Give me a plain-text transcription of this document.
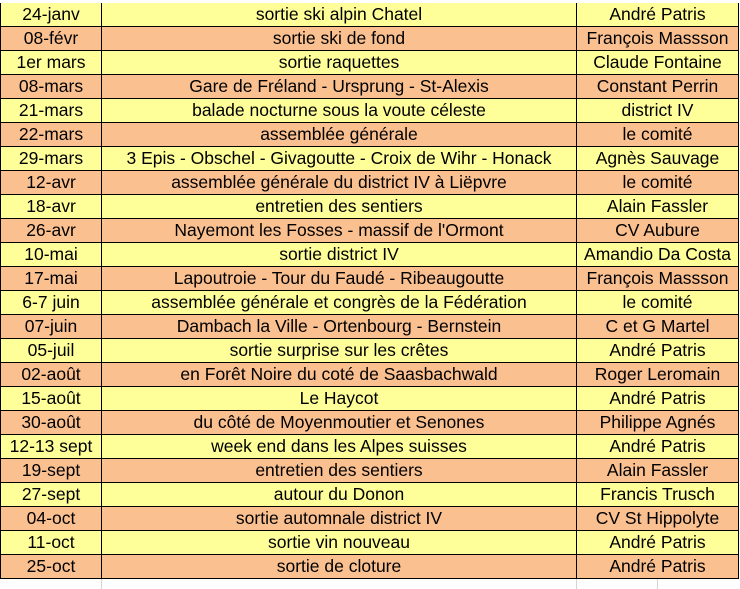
24-janv	sortie ski alpin Chatel	André Patris
08-févr	sortie ski de fond	François Massson
1er mars	sortie raquettes	Claude Fontaine
08-mars	Gare de Fréland - Ursprung - St-Alexis	Constant Perrin
21-mars	balade nocturne sous la voute céleste	district IV
22-mars	assemblée générale	le comité
29-mars	3 Epis - Obschel - Givagoutte - Croix de Wihr - Honack	Agnès Sauvage
12-avr	assemblée générale du district IV à Liëpvre	le comité
18-avr	entretien des sentiers	Alain Fassler
26-avr	Nayemont les Fosses - massif de l'Ormont	CV Aubure
10-mai	sortie district IV	Amandio Da Costa
17-mai	Lapoutroie - Tour du Faudé - Ribeaugoutte	François Massson
6-7 juin	assemblée générale et congrès de la Fédération	le comité
07-juin	Dambach la Ville - Ortenbourg - Bernstein	C et G Martel
05-juil	sortie surprise sur les crêtes	André Patris
02-août	en Forêt Noire du coté de Saasbachwald	Roger Leromain
15-août	Le Haycot	André Patris
30-août	du côté de Moyenmoutier et Senones	Philippe Agnés
12-13 sept	week end dans les Alpes suisses	André Patris
19-sept	entretien des sentiers	Alain Fassler
27-sept	autour du Donon	Francis Trusch
04-oct	sortie automnale district IV	CV St Hippolyte
11-oct	sortie vin nouveau	André Patris
25-oct	sortie de cloture	André Patris
